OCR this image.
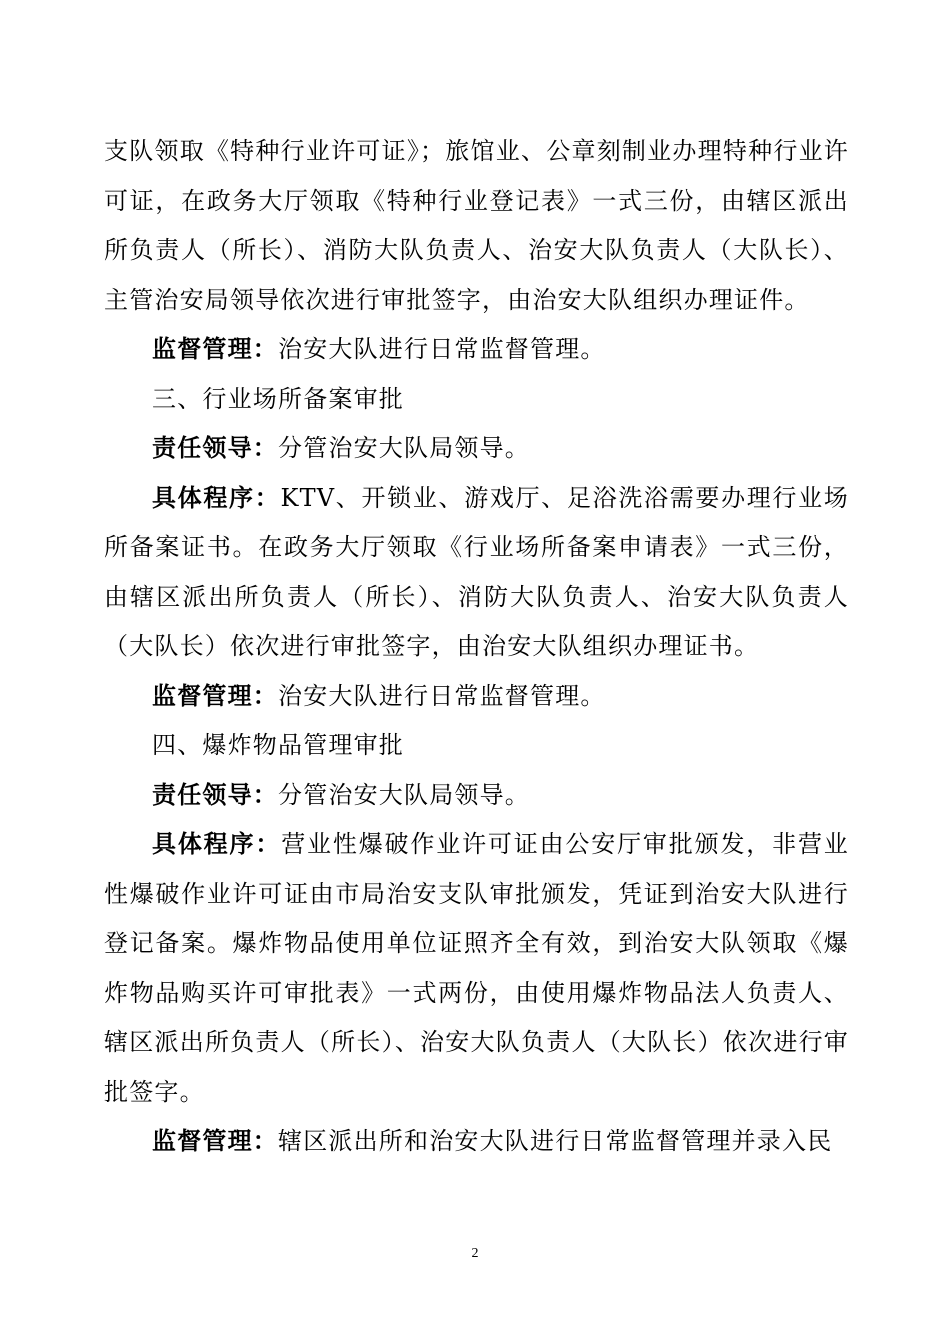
支队领取《特种行业许可证》；旅馆业、公章刻制业办理特种行业许可证，在政务大厅领取《特种行业登记表》一式三份，由辖区派出所负责人（所长）、消防大队负责人、治安大队负责人（大队长）、主管治安局领导依次进行审批签字，由治安大队组织办理证件。

监督管理：治安大队进行日常监督管理。

三、行业场所备案审批

责任领导：分管治安大队局领导。

具体程序：KTV、开锁业、游戏厅、足浴洗浴需要办理行业场所备案证书。在政务大厅领取《行业场所备案申请表》一式三份，由辖区派出所负责人（所长）、消防大队负责人、治安大队负责人（大队长）依次进行审批签字，由治安大队组织办理证书。

监督管理：治安大队进行日常监督管理。

四、爆炸物品管理审批

责任领导：分管治安大队局领导。

具体程序：营业性爆破作业许可证由公安厅审批颁发，非营业性爆破作业许可证由市局治安支队审批颁发，凭证到治安大队进行登记备案。爆炸物品使用单位证照齐全有效，到治安大队领取《爆炸物品购买许可审批表》一式两份，由使用爆炸物品法人负责人、辖区派出所负责人（所长）、治安大队负责人（大队长）依次进行审批签字。

监督管理：辖区派出所和治安大队进行日常监督管理并录入民

2
